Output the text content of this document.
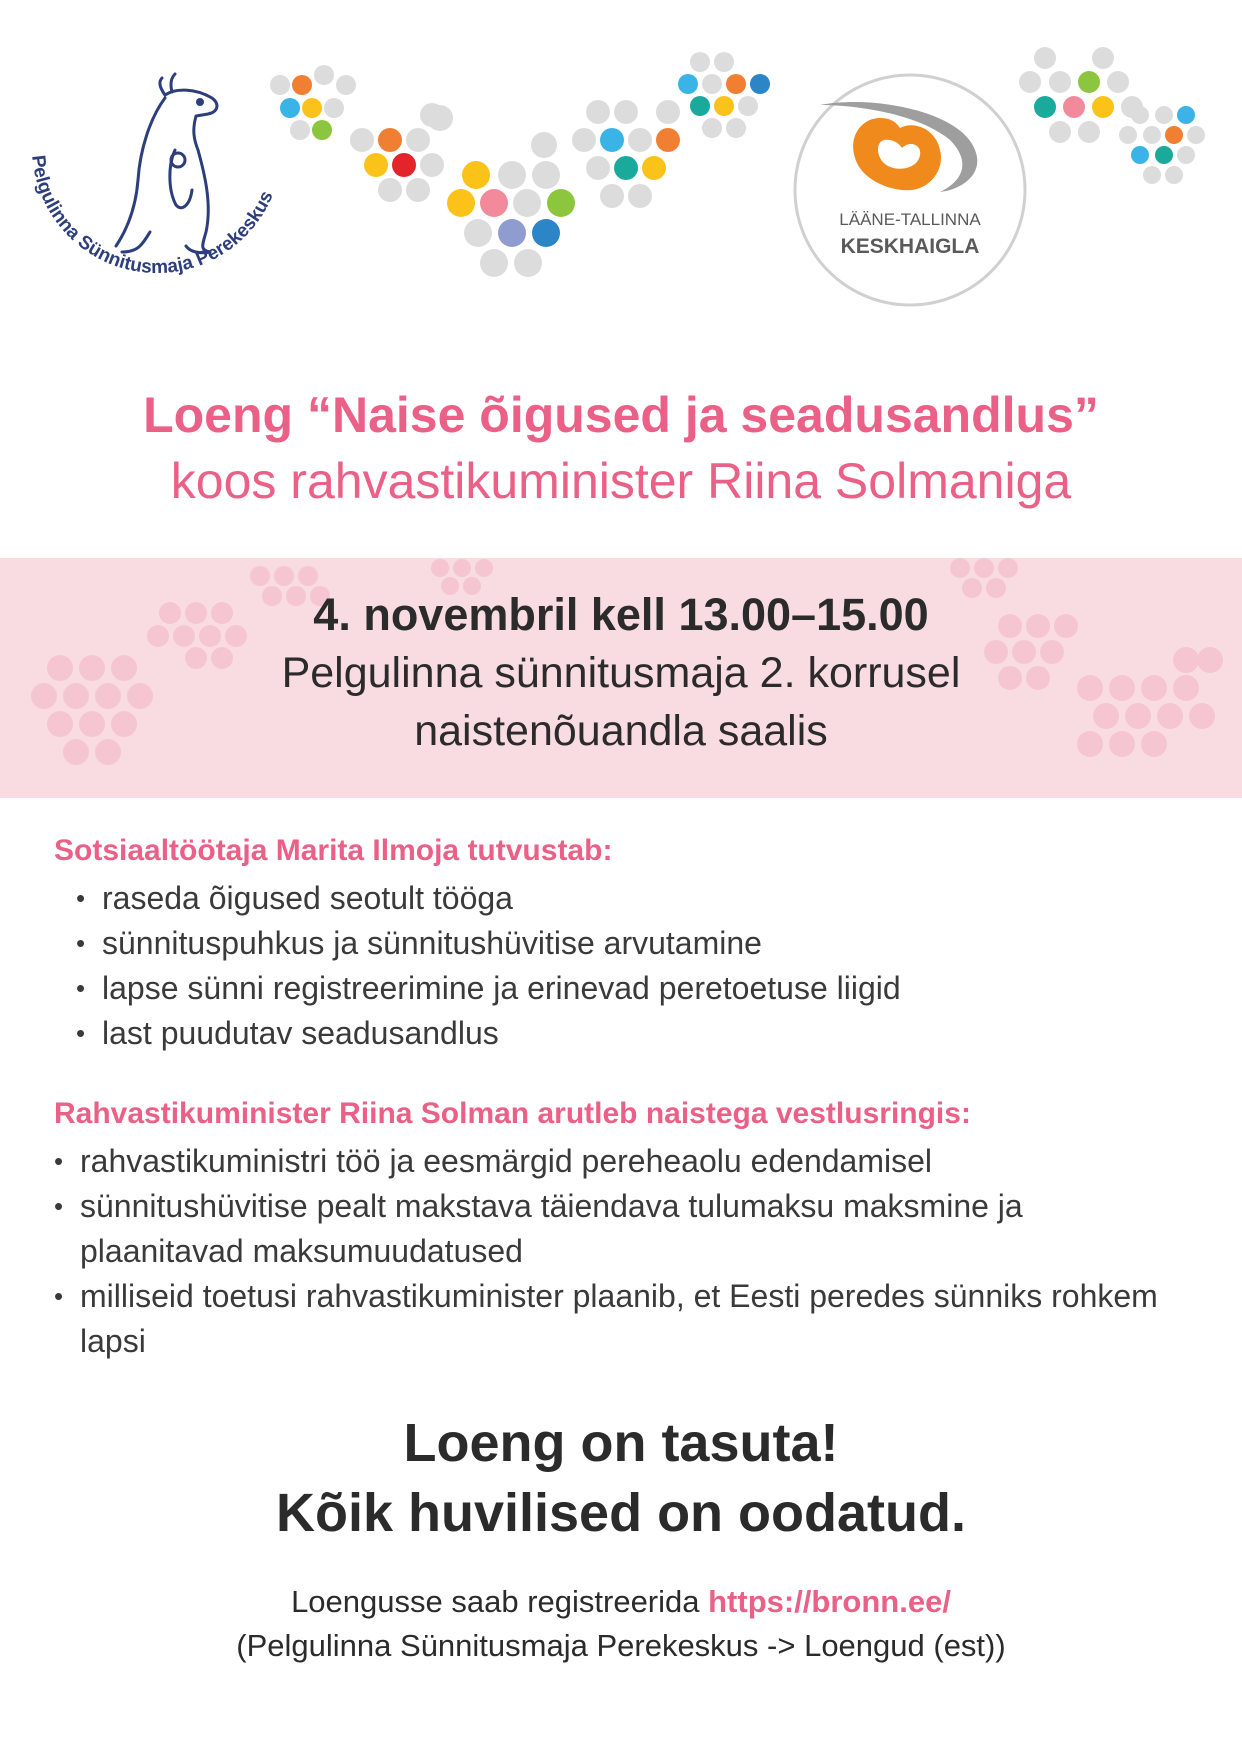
Pelgulinna Sünnitusmaja Perekeskus
LÄÄNE-TALLINNA
KESKHAIGLA
Loeng “Naise õigused ja seadusandlus”
koos rahvastikuminister Riina Solmaniga
4. novembril kell 13.00–15.00
Pelgulinna sünnitusmaja 2. korrusel
naistenõuandla saalis
Sotsiaaltöötaja Marita Ilmoja tutvustab:
• raseda õigused seotult tööga
• sünnituspuhkus ja sünnitushüvitise arvutamine
• lapse sünni registreerimine ja erinevad peretoetuse liigid
• last puudutav seadusandlus
Rahvastikuminister Riina Solman arutleb naistega vestlusringis:
• rahvastikuministri töö ja eesmärgid pereheaolu edendamisel
• sünnitushüvitise pealt makstava täiendava tulumaksu maksmine ja plaanitavad maksumuudatused
• milliseid toetusi rahvastikuminister plaanib, et Eesti peredes sünniks rohkem lapsi
Loeng on tasuta!
Kõik huvilised on oodatud.
Loengusse saab registreerida https://bronn.ee/
(Pelgulinna Sünnitusmaja Perekeskus -> Loengud (est))
